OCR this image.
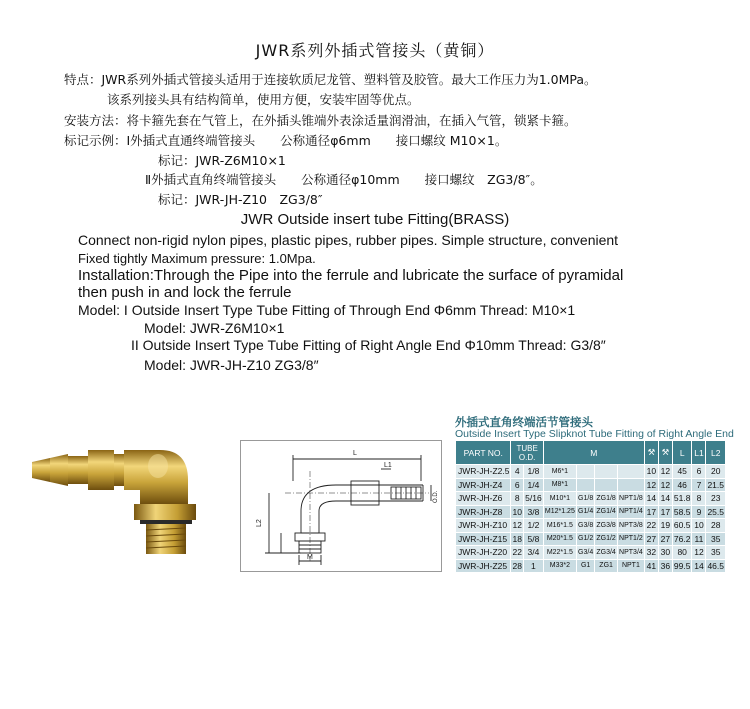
JWR系列外插式管接头（黄铜）
特点：JWR系列外插式管接头适用于连接软质尼龙管、塑料管及胶管。最大工作压力为1.0MPa。
该系列接头具有结构简单，使用方便，安装牢固等优点。
安装方法：将卡箍先套在气管上，在外插头锥端外表涂适量润滑油，在插入气管，锁紧卡箍。
标记示例：Ⅰ外插式直通终端管接头　　公称通径φ6mm　　接口螺纹 M10×1。
标记：JWR-Z6M10×1
Ⅱ外插式直角终端管接头　　公称通径φ10mm　　接口螺纹　ZG3/8″。
标记：JWR-JH-Z10　ZG3/8″
JWR Outside insert tube Fitting(BRASS)
Connect non-rigid nylon pipes, plastic pipes, rubber pipes. Simple structure, convenient
Fixed tightly Maximum pressure: 1.0Mpa.
Installation:Through the Pipe into the ferrule and lubricate the surface of pyramidal
then push in and lock the ferrule
Model: I Outside Insert Type Tube Fitting of Through End Φ6mm Thread: M10×1
Model: JWR-Z6M10×1
II Outside Insert Type Tube Fitting of Right Angle End Φ10mm Thread: G3/8″
Model: JWR-JH-Z10 ZG3/8″
L
L1
L2
M
O.D.
外插式直角终端活节管接头
Outside Insert Type Slipknot Tube Fitting of Right Angle End
PART NO.	TUBE O.D.		M				⚒	⚒	L	L1	L2
JWR-JH-Z2.5	4	1/8	M6*1				10	12	45	6	20
JWR-JH-Z4	6	1/4	M8*1				12	12	46	7	21.5
JWR-JH-Z6	8	5/16	M10*1	G1/8	ZG1/8	NPT1/8	14	14	51.8	8	23
JWR-JH-Z8	10	3/8	M12*1.25	G1/4	ZG1/4	NPT1/4	17	17	58.5	9	25.5
JWR-JH-Z10	12	1/2	M16*1.5	G3/8	ZG3/8	NPT3/8	22	19	60.5	10	28
JWR-JH-Z15	18	5/8	M20*1.5	G1/2	ZG1/2	NPT1/2	27	27	76.2	11	35
JWR-JH-Z20	22	3/4	M22*1.5	G3/4	ZG3/4	NPT3/4	32	30	80	12	35
JWR-JH-Z25	28	1	M33*2	G1	ZG1	NPT1	41	36	99.5	14	46.5
